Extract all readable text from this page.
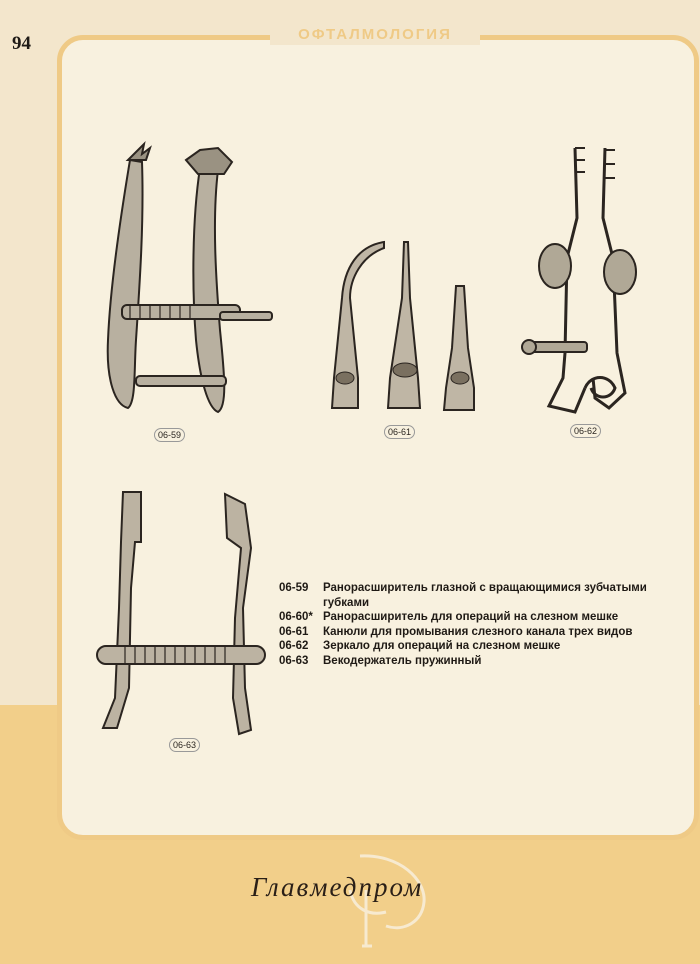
94	ОФТАЛМОЛОГИЯ
06-59	06-61	06-62
06-63
06-59	Ранорасширитель глазной с вращающимися зубчатыми губками
06-60* Ранорасширитель для операций на слезном мешке
06-61	Канюли для промывания слезного канала трех видов
06-62	Зеркало для операций на слезном мешке
06-63	Векодержатель пружинный
Главмедпром
